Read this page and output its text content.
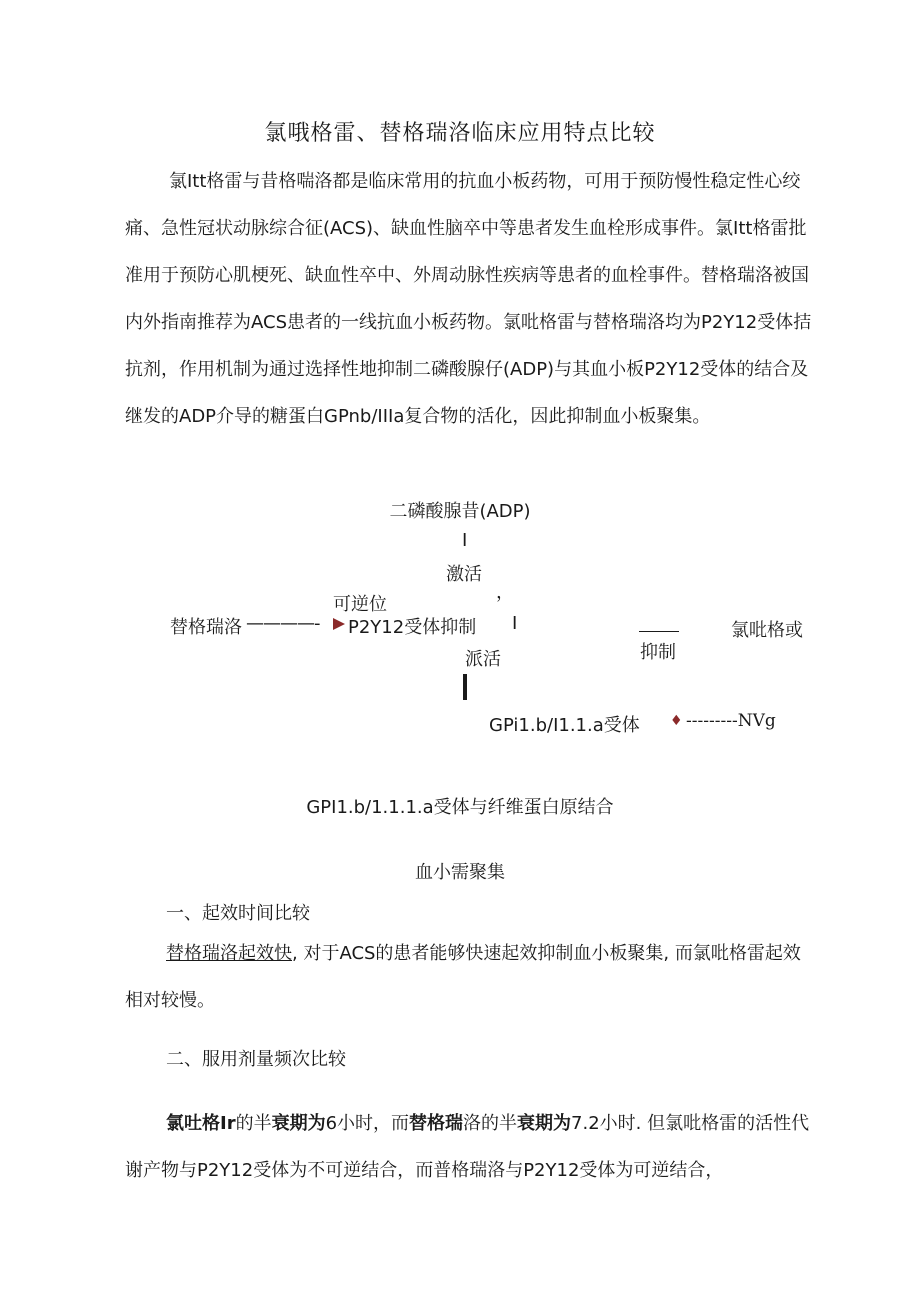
氯哦格雷、替格瑞洛临床应用特点比较

氯Itt格雷与昔格喘洛都是临床常用的抗血小板药物，可用于预防慢性稳定性心绞痛、急性冠状动脉综合征(ACS)、缺血性脑卒中等患者发生血栓形成事件。氯Itt格雷批准用于预防心肌梗死、缺血性卒中、外周动脉性疾病等患者的血栓事件。替格瑞洛被国内外指南推荐为ACS患者的一线抗血小板药物。氯吡格雷与替格瑞洛均为P2Y12受体拮抗剂，作用机制为通过选择性地抑制二磷酸腺仔(ADP)与其血小板P2Y12受体的结合及继发的ADP介导的糖蛋白GPnb/IIIa复合物的活化，因此抑制血小板聚集。

二磷酸腺昔(ADP)
I
激活
，
可逆位
替格瑞洛 ————- P2Y12受体抑制 I
抑制
氯吡格或
派活
GPi1.b/I1.1.a受体 ♦ ---------NVg
GPI1.b/1.1.1.a受体与纤维蛋白原结合
血小需聚集
一、起效时间比较

替格瑞洛起效快, 对于ACS的患者能够快速起效抑制血小板聚集, 而氯吡格雷起效相对较慢。

二、服用剂量频次比较

氯吐格Ir的半衰期为6小时，而替格瑞洛的半衰期为7.2小时. 但氯吡格雷的活性代谢产物与P2Y12受体为不可逆结合，而普格瑞洛与P2Y12受体为可逆结合，
